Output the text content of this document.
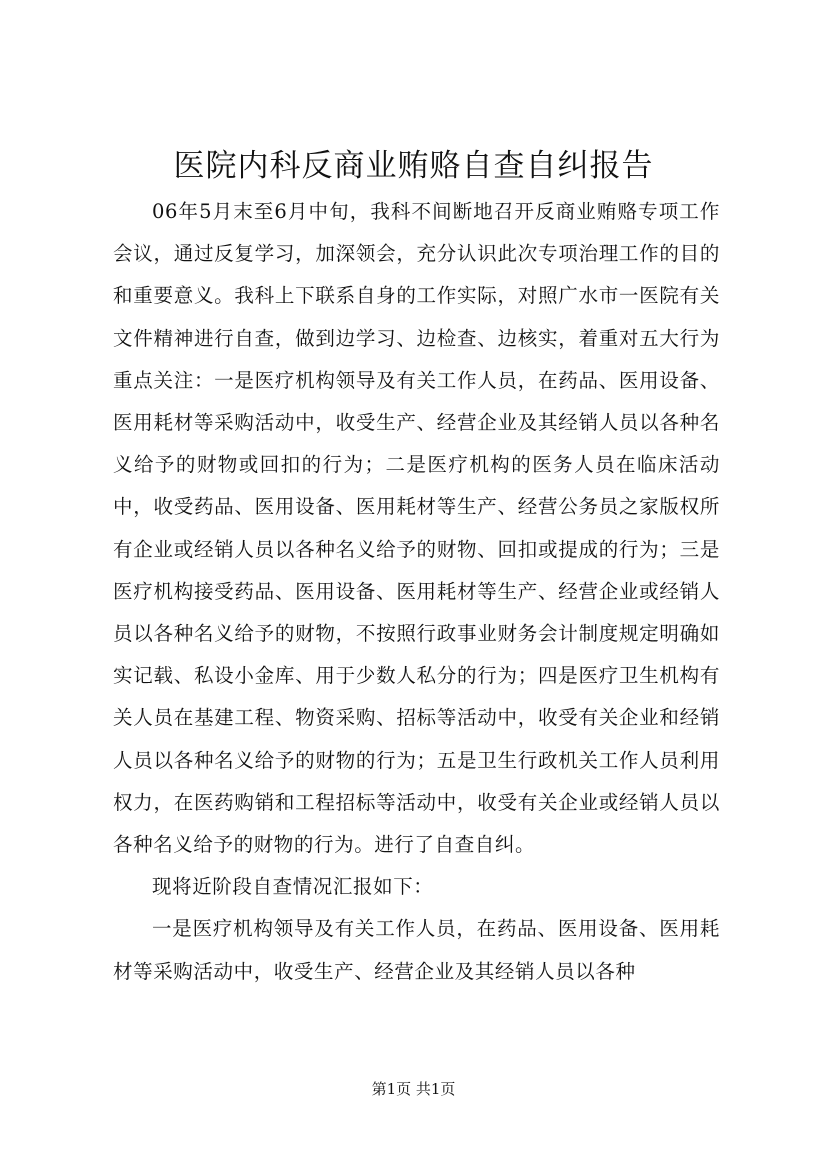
医院内科反商业贿赂自查自纠报告

06年5月末至6月中旬，我科不间断地召开反商业贿赂专项工作会议，通过反复学习，加深领会，充分认识此次专项治理工作的目的和重要意义。我科上下联系自身的工作实际，对照广水市一医院有关文件精神进行自查，做到边学习、边检查、边核实，着重对五大行为重点关注：一是医疗机构领导及有关工作人员，在药品、医用设备、医用耗材等采购活动中，收受生产、经营企业及其经销人员以各种名义给予的财物或回扣的行为；二是医疗机构的医务人员在临床活动中，收受药品、医用设备、医用耗材等生产、经营公务员之家版权所有企业或经销人员以各种名义给予的财物、回扣或提成的行为；三是医疗机构接受药品、医用设备、医用耗材等生产、经营企业或经销人员以各种名义给予的财物，不按照行政事业财务会计制度规定明确如实记载、私设小金库、用于少数人私分的行为；四是医疗卫生机构有关人员在基建工程、物资采购、招标等活动中，收受有关企业和经销人员以各种名义给予的财物的行为；五是卫生行政机关工作人员利用权力，在医药购销和工程招标等活动中，收受有关企业或经销人员以各种名义给予的财物的行为。进行了自查自纠。

现将近阶段自查情况汇报如下：

一是医疗机构领导及有关工作人员，在药品、医用设备、医用耗材等采购活动中，收受生产、经营企业及其经销人员以各种

第1页 共1页
